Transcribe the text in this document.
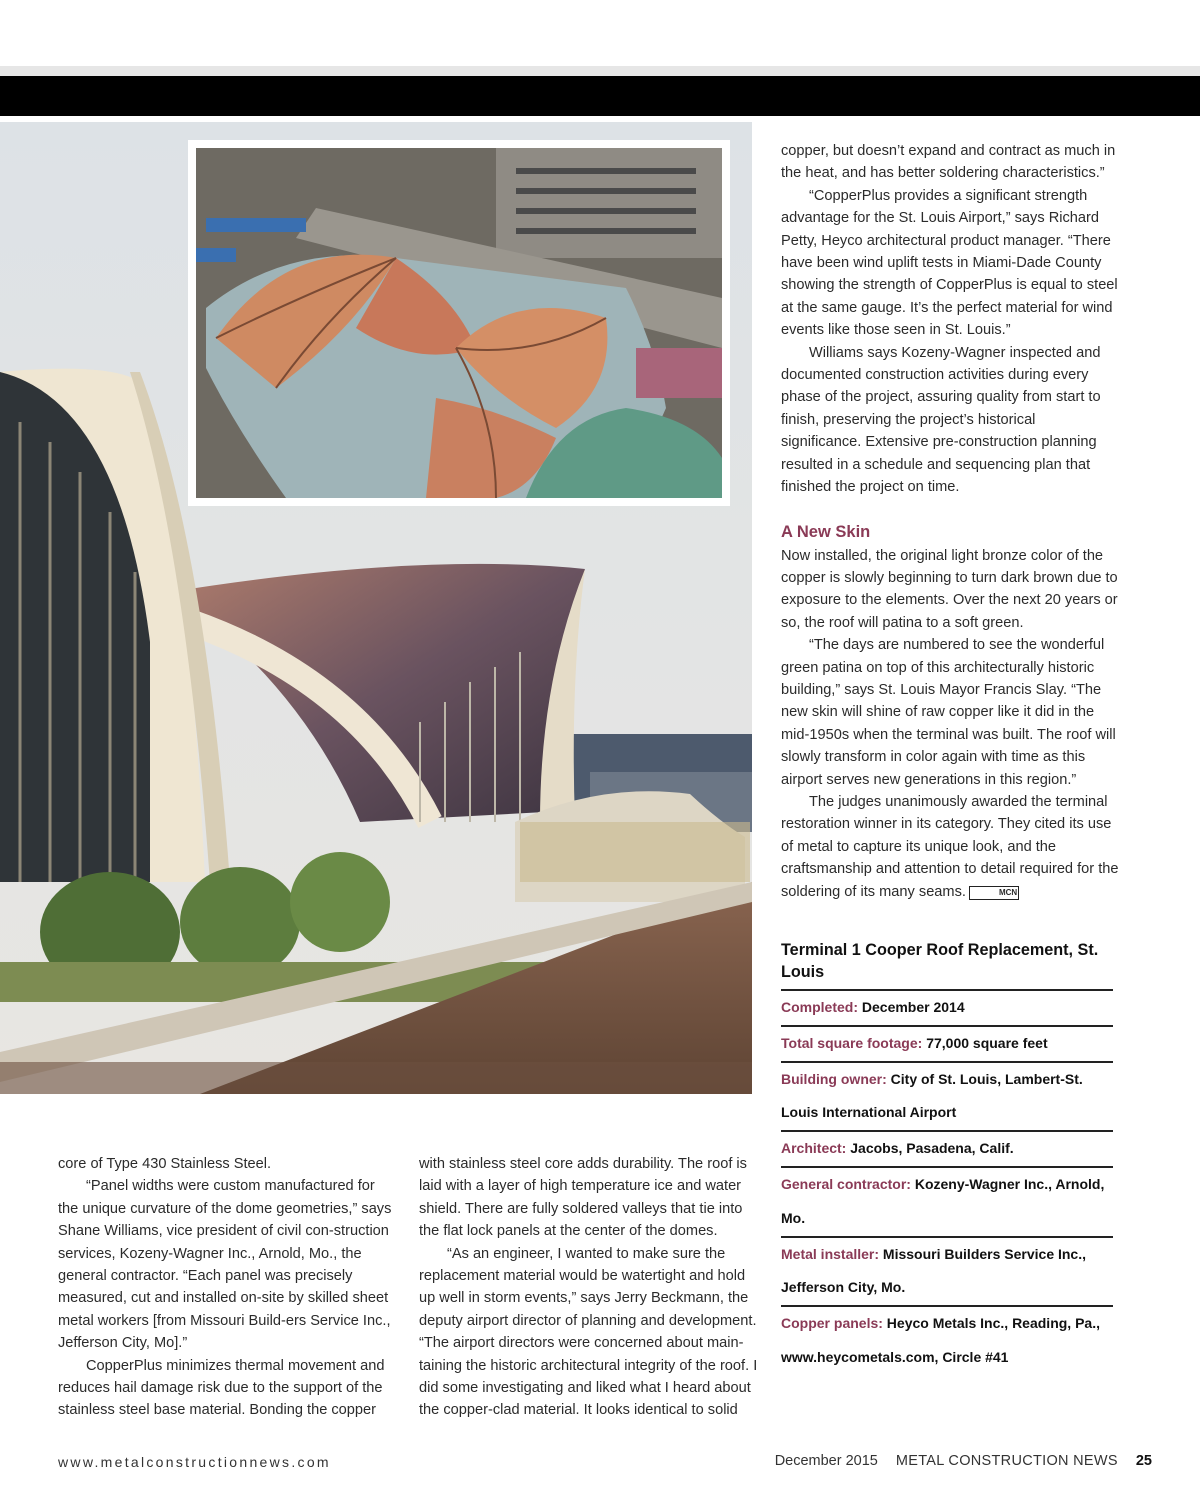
copper, but doesn’t expand and contract as much in the heat, and has better soldering characteristics.”

“CopperPlus provides a significant strength advantage for the St. Louis Airport,” says Richard Petty, Heyco architectural product manager. “There have been wind uplift tests in Miami-Dade County showing the strength of CopperPlus is equal to steel at the same gauge. It’s the perfect material for wind events like those seen in St. Louis.”

Williams says Kozeny-Wagner inspected and documented construction activities during every phase of the project, assuring quality from start to finish, preserving the project’s historical significance. Extensive pre-construction planning resulted in a schedule and sequencing plan that finished the project on time.

A New Skin

Now installed, the original light bronze color of the copper is slowly beginning to turn dark brown due to exposure to the elements. Over the next 20 years or so, the roof will patina to a soft green.

“The days are numbered to see the wonderful green patina on top of this architecturally historic building,” says St. Louis Mayor Francis Slay. “The new skin will shine of raw copper like it did in the mid-1950s when the terminal was built. The roof will slowly transform in color again with time as this airport serves new generations in this region.”

The judges unanimously awarded the terminal restoration winner in its category. They cited its use of metal to capture its unique look, and the craftsmanship and attention to detail required for the soldering of its many seams.	MCN

Terminal 1 Cooper Roof Replacement, St. Louis
Completed: December 2014
Total square footage: 77,000 square feet
Building owner: City of St. Louis, Lambert-St. Louis International Airport
Architect: Jacobs, Pasadena, Calif.
General contractor: Kozeny-Wagner Inc., Arnold, Mo.
Metal installer: Missouri Builders Service Inc., Jefferson City, Mo.
Copper panels: Heyco Metals Inc., Reading, Pa., www.heycometals.com, Circle #41

core of Type 430 Stainless Steel.

“Panel widths were custom manufactured for the unique curvature of the dome geometries,” says Shane Williams, vice president of civil con-struction services, Kozeny-Wagner Inc., Arnold, Mo., the general contractor. “Each panel was precisely measured, cut and installed on-site by skilled sheet metal workers [from Missouri Build-ers Service Inc., Jefferson City, Mo].”

CopperPlus minimizes thermal movement and reduces hail damage risk due to the support of the stainless steel base material. Bonding the copper

with stainless steel core adds durability. The roof is laid with a layer of high temperature ice and water shield. There are fully soldered valleys that tie into the flat lock panels at the center of the domes.

“As an engineer, I wanted to make sure the replacement material would be watertight and hold up well in storm events,” says Jerry Beckmann, the deputy airport director of planning and development. “The airport directors were concerned about main-taining the historic architectural integrity of the roof. I did some investigating and liked what I heard about the copper-clad material. It looks identical to solid

www.metalconstructionnews.com	December 2015 METAL CONSTRUCTION NEWS 25
